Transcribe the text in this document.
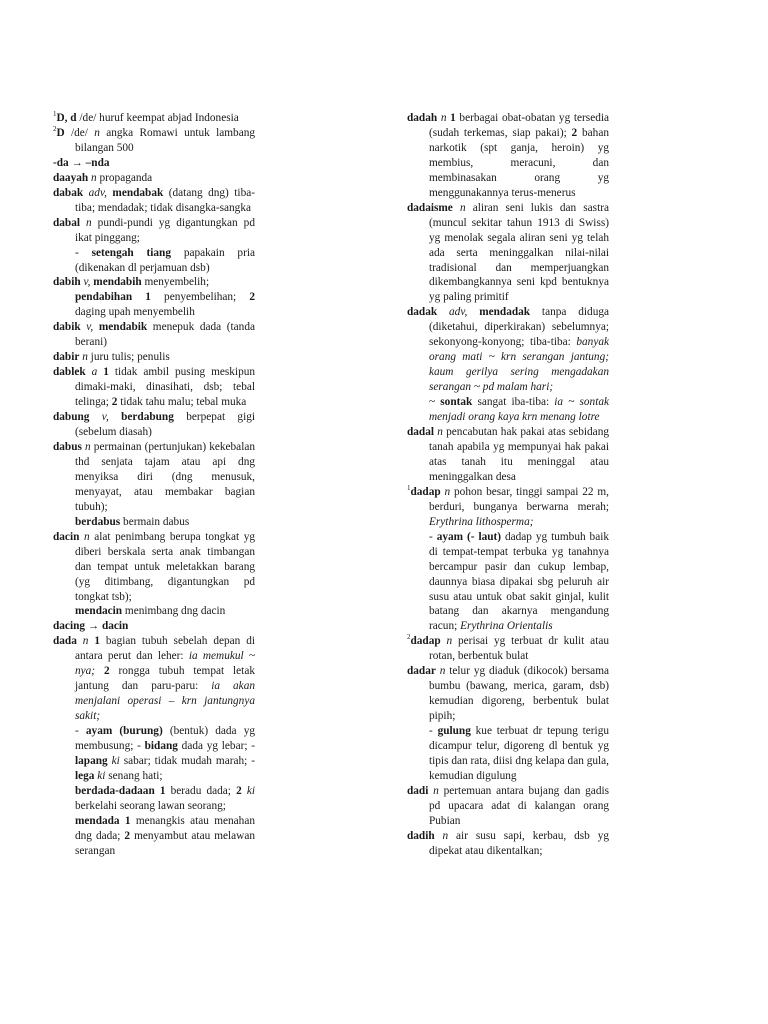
$^1$D, d /de/ huruf keempat abjad Indonesia

$^2$D /de/ n angka Romawi untuk lambang bilangan 500

-da → –nda

daayah n propaganda

dabak adv, mendabak (datang dng) tiba-tiba; mendadak; tidak disangka-sangka

dabal n pundi-pundi yg digantungkan pd ikat pinggang;

- setengah tiang papakain pria (dikenakan dl perjamuan dsb)

dabih v, mendabih menyembelih;

pendabihan 1 penyembelihan; 2 daging upah menyembelih

dabik v, mendabik menepuk dada (tanda berani)

dabir n juru tulis; penulis

dablek a 1 tidak ambil pusing meskipun dimaki-maki, dinasihati, dsb; tebal telinga; 2 tidak tahu malu; tebal muka

dabung v, berdabung berpepat gigi (sebelum diasah)

dabus n permainan (pertunjukan) kekebalan thd senjata tajam atau api dng menyiksa diri (dng menusuk, menyayat, atau membakar bagian tubuh);

berdabus bermain dabus

dacin n alat penimbang berupa tongkat yg diberi berskala serta anak timbangan dan tempat untuk meletakkan barang (yg ditimbang, digantungkan pd tongkat tsb);

mendacin menimbang dng dacin

dacing → dacin

dada n 1 bagian tubuh sebelah depan di antara perut dan leher: ia memukul ~ nya; 2 rongga tubuh tempat letak jantung dan paru-paru: ia akan menjalani operasi – krn jantungnya sakit;

- ayam (burung) (bentuk) dada yg membusung; - bidang dada yg lebar; - lapang ki sabar; tidak mudah marah; - lega ki senang hati;

berdada-dadaan 1 beradu dada; 2 ki berkelahi seorang lawan seorang;

mendada 1 menangkis atau menahan dng dada; 2 menyambut atau melawan serangan

dadah n 1 berbagai obat-obatan yg tersedia (sudah terkemas, siap pakai); 2 bahan narkotik (spt ganja, heroin) yg membius, meracuni, dan membinasakan orang yg menggunakannya terus-menerus

dadaisme n aliran seni lukis dan sastra (muncul sekitar tahun 1913 di Swiss) yg menolak segala aliran seni yg telah ada serta meninggalkan nilai-nilai tradisional dan memperjuangkan dikembangkannya seni kpd bentuknya yg paling primitif

dadak adv, mendadak tanpa diduga (diketahui, diperkirakan) sebelumnya; sekonyong-konyong; tiba-tiba: banyak orang mati ~ krn serangan jantung; kaum gerilya sering mengadakan serangan ~ pd malam hari;

~ sontak sangat iba-tiba: ia ~ sontak menjadi orang kaya krn menang lotre

dadal n pencabutan hak pakai atas sebidang tanah apabila yg mempunyai hak pakai atas tanah itu meninggal atau meninggalkan desa

$^1$dadap n pohon besar, tinggi sampai 22 m, berduri, bunganya berwarna merah; Erythrina lithosperma;

- ayam (- laut) dadap yg tumbuh baik di tempat-tempat terbuka yg tanahnya bercampur pasir dan cukup lembap, daunnya biasa dipakai sbg peluruh air susu atau untuk obat sakit ginjal, kulit batang dan akarnya mengandung racun; Erythrina Orientalis

$^2$dadap n perisai yg terbuat dr kulit atau rotan, berbentuk bulat

dadar n telur yg diaduk (dikocok) bersama bumbu (bawang, merica, garam, dsb) kemudian digoreng, berbentuk bulat pipih;

- gulung kue terbuat dr tepung terigu dicampur telur, digoreng dl bentuk yg tipis dan rata, diisi dng kelapa dan gula, kemudian digulung

dadi n pertemuan antara bujang dan gadis pd upacara adat di kalangan orang Pubian

dadih n air susu sapi, kerbau, dsb yg dipekat atau dikentalkan;
